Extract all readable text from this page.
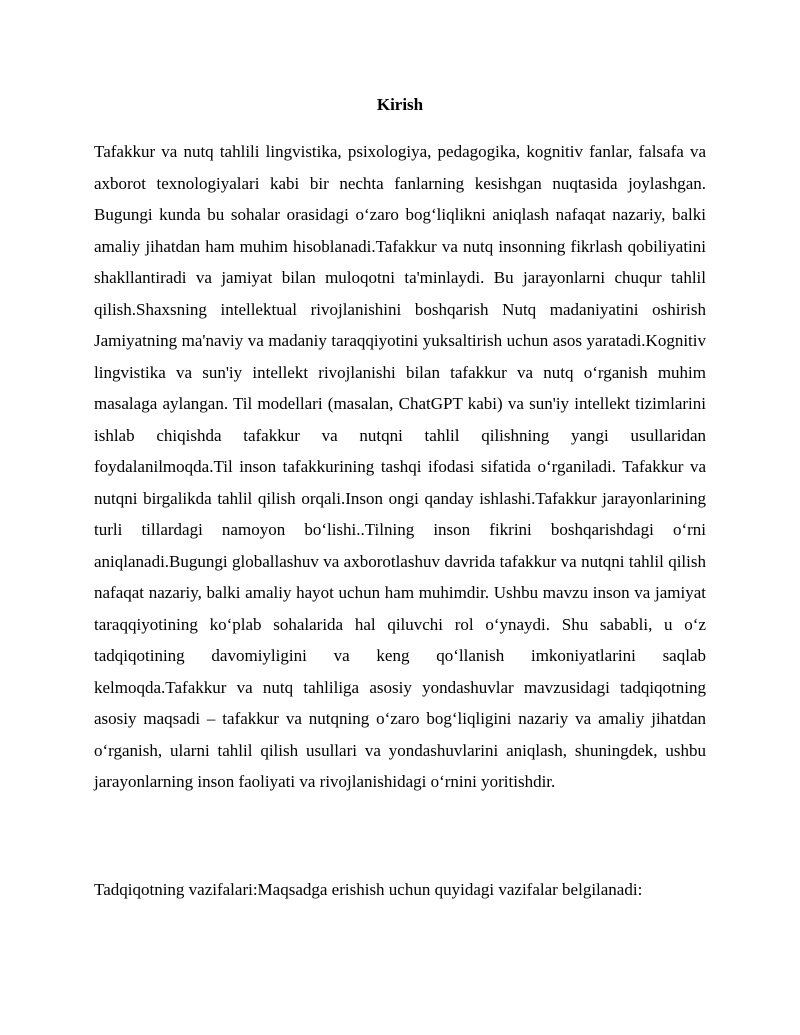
Kirish

Tafakkur va nutq tahlili lingvistika, psixologiya, pedagogika, kognitiv fanlar, falsafa va axborot texnologiyalari kabi bir nechta fanlarning kesishgan nuqtasida joylashgan. Bugungi kunda bu sohalar orasidagi o‘zaro bog‘liqlikni aniqlash nafaqat nazariy, balki amaliy jihatdan ham muhim hisoblanadi.Tafakkur va nutq insonning fikrlash qobiliyatini shakllantiradi va jamiyat bilan muloqotni ta'minlaydi. Bu jarayonlarni chuqur tahlil qilish.Shaxsning intellektual rivojlanishini boshqarish Nutq madaniyatini oshirish Jamiyatning ma'naviy va madaniy taraqqiyotini yuksaltirish uchun asos yaratadi.Kognitiv lingvistika va sun'iy intellekt rivojlanishi bilan tafakkur va nutq o‘rganish muhim masalaga aylangan. Til modellari (masalan, ChatGPT kabi) va sun'iy intellekt tizimlarini ishlab chiqishda tafakkur va nutqni tahlil qilishning yangi usullaridan foydalanilmoqda.Til inson tafakkurining tashqi ifodasi sifatida o‘rganiladi. Tafakkur va nutqni birgalikda tahlil qilish orqali.Inson ongi qanday ishlashi.Tafakkur jarayonlarining turli tillardagi namoyon bo‘lishi..Tilning inson fikrini boshqarishdagi o‘rni aniqlanadi.Bugungi globallashuv va axborotlashuv davrida tafakkur va nutqni tahlil qilish nafaqat nazariy, balki amaliy hayot uchun ham muhimdir. Ushbu mavzu inson va jamiyat taraqqiyotining ko‘plab sohalarida hal qiluvchi rol o‘ynaydi. Shu sababli, u o‘z tadqiqotining davomiyligini va keng qo‘llanish imkoniyatlarini saqlab kelmoqda.Tafakkur va nutq tahliliga asosiy yondashuvlar mavzusidagi tadqiqotning asosiy maqsadi – tafakkur va nutqning o‘zaro bog‘liqligini nazariy va amaliy jihatdan o‘rganish, ularni tahlil qilish usullari va yondashuvlarini aniqlash, shuningdek, ushbu jarayonlarning inson faoliyati va rivojlanishidagi o‘rnini yoritishdir.

Tadqiqotning vazifalari:Maqsadga erishish uchun quyidagi vazifalar belgilanadi:
